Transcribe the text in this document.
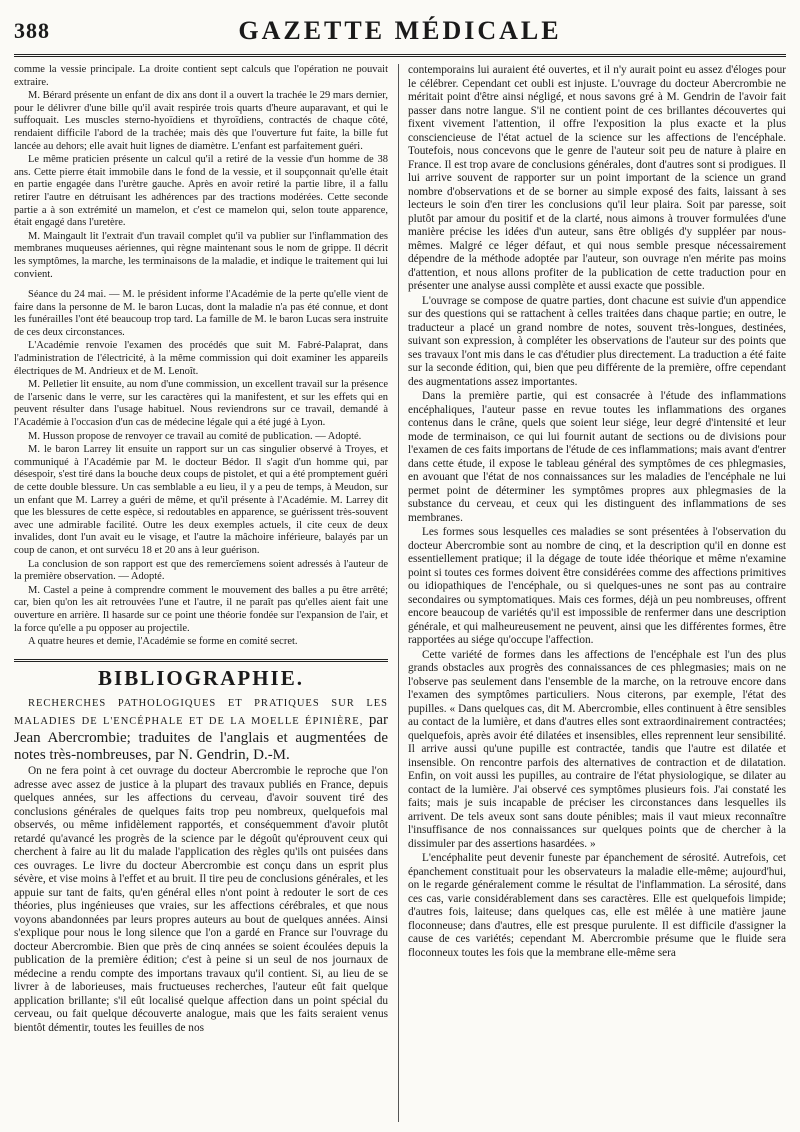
388	GAZETTE MÉDICALE

comme la vessie principale. La droite contient sept calculs que l'opération ne pouvait extraire.

M. Bérard présente un enfant de dix ans dont il a ouvert la trachée le 29 mars dernier, pour le délivrer d'une bille qu'il avait respirée trois quarts d'heure auparavant, et qui le suffoquait. Les muscles sterno-hyoïdiens et thyroïdiens, contractés de chaque côté, rendaient difficile l'abord de la trachée; mais dès que l'ouverture fut faite, la bille fut lancée au dehors; elle avait huit lignes de diamètre. L'enfant est parfaitement guéri.

Le même praticien présente un calcul qu'il a retiré de la vessie d'un homme de 38 ans. Cette pierre était immobile dans le fond de la vessie, et il soupçonnait qu'elle était en partie engagée dans l'urètre gauche. Après en avoir retiré la partie libre, il a fallu retirer l'autre en détruisant les adhérences par des tractions modérées. Cette seconde partie a à son extrémité un mamelon, et c'est ce mamelon qui, selon toute apparence, était engagé dans l'uretère.

M. Maingault lit l'extrait d'un travail complet qu'il va publier sur l'inflammation des membranes muqueuses aériennes, qui règne maintenant sous le nom de grippe. Il décrit les symptômes, la marche, les terminaisons de la maladie, et indique le traitement qui lui convient.

Séance du 24 mai. — M. le président informe l'Académie de la perte qu'elle vient de faire dans la personne de M. le baron Lucas, dont la maladie n'a pas été connue, et dont les funérailles l'ont été beaucoup trop tard. La famille de M. le baron Lucas sera instruite de ces deux circonstances.

L'Académie renvoie l'examen des procédés que suit M. Fabré-Palaprat, dans l'administration de l'électricité, à la même commission qui doit examiner les appareils électriques de M. Andrieux et de M. Lenoît.

M. Pelletier lit ensuite, au nom d'une commission, un excellent travail sur la présence de l'arsenic dans le verre, sur les caractères qui la manifestent, et sur les effets qui en peuvent résulter dans l'usage habituel. Nous reviendrons sur ce travail, demandé à l'Académie à l'occasion d'un cas de médecine légale qui a été jugé à Lyon.

M. Husson propose de renvoyer ce travail au comité de publication. — Adopté.

M. le baron Larrey lit ensuite un rapport sur un cas singulier observé à Troyes, et communiqué à l'Académie par M. le docteur Bédor. Il s'agit d'un homme qui, par désespoir, s'est tiré dans la bouche deux coups de pistolet, et qui a été promptement guéri de cette double blessure. Un cas semblable a eu lieu, il y a peu de temps, à Meudon, sur un enfant que M. Larrey a guéri de même, et qu'il présente à l'Académie. M. Larrey dit que les blessures de cette espèce, si redoutables en apparence, se guérissent très-souvent avec une admirable facilité. Outre les deux exemples actuels, il cite ceux de deux invalides, dont l'un avait eu le visage, et l'autre la mâchoire inférieure, balayés par un coup de canon, et ont survécu 18 et 20 ans à leur guérison.

La conclusion de son rapport est que des remercîemens soient adressés à l'auteur de la première observation. — Adopté.

M. Castel a peine à comprendre comment le mouvement des balles a pu être arrêté; car, bien qu'on les ait retrouvées l'une et l'autre, il ne paraît pas qu'elles aient fait une ouverture en arrière. Il hasarde sur ce point une théorie fondée sur l'expansion de l'air, et la force qu'elle a pu opposer au projectile.

A quatre heures et demie, l'Académie se forme en comité secret.

BIBLIOGRAPHIE.

RECHERCHES PATHOLOGIQUES ET PRATIQUES SUR LES MALADIES DE L'ENCÉPHALE ET DE LA MOELLE ÉPINIÈRE, par Jean Abercrombie; traduites de l'anglais et augmentées de notes très-nombreuses, par N. Gendrin, D.-M.

On ne fera point à cet ouvrage du docteur Abercrombie le reproche que l'on adresse avec assez de justice à la plupart des travaux publiés en France, depuis quelques années, sur les affections du cerveau, d'avoir souvent tiré des conclusions générales de quelques faits trop peu nombreux, quelquefois mal observés, ou même infidèlement rapportés, et conséquemment d'avoir plutôt retardé qu'avancé les progrès de la science par le dégoût qu'éprouvent ceux qui cherchent à faire au lit du malade l'application des règles qu'ils ont puisées dans ces ouvrages. Le livre du docteur Abercrombie est conçu dans un esprit plus sévère, et vise moins à l'effet et au bruit. Il tire peu de conclusions générales, et les appuie sur tant de faits, qu'en général elles n'ont point à redouter le sort de ces théories, plus ingénieuses que vraies, sur les affections cérébrales, et que nous voyons abandonnées par leurs propres auteurs au bout de quelques années. Ainsi s'explique pour nous le long silence que l'on a gardé en France sur l'ouvrage du docteur Abercrombie. Bien que près de cinq années se soient écoulées depuis la publication de la première édition; c'est à peine si un seul de nos journaux de médecine a rendu compte des importans travaux qu'il contient. Si, au lieu de se livrer à de laborieuses, mais fructueuses recherches, l'auteur eût fait quelque application brillante; s'il eût localisé quelque affection dans un point spécial du cerveau, ou fait quelque découverte analogue, mais que les faits seraient venus bientôt démentir, toutes les feuilles de nos

contemporains lui auraient été ouvertes, et il n'y aurait point eu assez d'éloges pour le célébrer. Cependant cet oubli est injuste. L'ouvrage du docteur Abercrombie ne méritait point d'être ainsi négligé, et nous savons gré à M. Gendrin de l'avoir fait passer dans notre langue. S'il ne contient point de ces brillantes découvertes qui fixent vivement l'attention, il offre l'exposition la plus exacte et la plus consciencieuse de l'état actuel de la science sur les affections de l'encéphale. Toutefois, nous concevons que le genre de l'auteur soit peu de nature à plaire en France. Il est trop avare de conclusions générales, dont d'autres sont si prodigues. Il lui arrive souvent de rapporter sur un point important de la science un grand nombre d'observations et de se borner au simple exposé des faits, laissant à ses lecteurs le soin d'en tirer les conclusions qu'il leur plaira. Soit par paresse, soit plutôt par amour du positif et de la clarté, nous aimons à trouver formulées d'une manière précise les idées d'un auteur, sans être obligés d'y suppléer par nous-mêmes. Malgré ce léger défaut, et qui nous semble presque nécessairement dépendre de la méthode adoptée par l'auteur, son ouvrage n'en mérite pas moins d'attention, et nous allons profiter de la publication de cette traduction pour en présenter une analyse aussi complète et aussi exacte que possible.

L'ouvrage se compose de quatre parties, dont chacune est suivie d'un appendice sur des questions qui se rattachent à celles traitées dans chaque partie; en outre, le traducteur a placé un grand nombre de notes, souvent très-longues, destinées, suivant son expression, à compléter les observations de l'auteur sur des points que ses travaux l'ont mis dans le cas d'étudier plus directement. La traduction a été faite sur la seconde édition, qui, bien que peu différente de la première, offre cependant des augmentations assez importantes.

Dans la première partie, qui est consacrée à l'étude des inflammations encéphaliques, l'auteur passe en revue toutes les inflammations des organes contenus dans le crâne, quels que soient leur siége, leur degré d'intensité et leur mode de terminaison, ce qui lui fournit autant de sections ou de divisions pour l'examen de ces faits importans de l'étude de ces inflammations; mais avant d'entrer dans cette étude, il expose le tableau général des symptômes de ces phlegmasies, en avouant que l'état de nos connaissances sur les maladies de l'encéphale ne lui permet point de déterminer les symptômes propres aux phlegmasies de la substance du cerveau, et ceux qui les distinguent des inflammations de ses membranes.

Les formes sous lesquelles ces maladies se sont présentées à l'observation du docteur Abercrombie sont au nombre de cinq, et la description qu'il en donne est essentiellement pratique; il la dégage de toute idée théorique et même n'examine point si toutes ces formes doivent être considérées comme des affections primitives ou idiopathiques de l'encéphale, ou si quelques-unes ne sont pas au contraire secondaires ou symptomatiques. Mais ces formes, déjà un peu nombreuses, offrent encore beaucoup de variétés qu'il est impossible de renfermer dans une description générale, et qui malheureusement ne peuvent, ainsi que les différentes formes, être rapportées au siége qu'occupe l'affection.

Cette variété de formes dans les affections de l'encéphale est l'un des plus grands obstacles aux progrès des connaissances de ces phlegmasies; mais on ne l'observe pas seulement dans l'ensemble de la marche, on la retrouve encore dans l'examen des symptômes particuliers. Nous citerons, par exemple, l'état des pupilles. « Dans quelques cas, dit M. Abercrombie, elles continuent à être sensibles au contact de la lumière, et dans d'autres elles sont extraordinairement contractées; quelquefois, après avoir été dilatées et insensibles, elles reprennent leur sensibilité. Il arrive aussi qu'une pupille est contractée, tandis que l'autre est dilatée et insensible. On rencontre parfois des alternatives de contraction et de dilatation. Enfin, on voit aussi les pupilles, au contraire de l'état physiologique, se dilater au contact de la lumière. J'ai observé ces symptômes plusieurs fois. J'ai constaté les faits; mais je suis incapable de préciser les circonstances dans lesquelles ils arrivent. De tels aveux sont sans doute pénibles; mais il vaut mieux reconnaître l'insuffisance de nos connaissances sur quelques points que de chercher à la dissimuler par des assertions hasardées. »

L'encéphalite peut devenir funeste par épanchement de sérosité. Autrefois, cet épanchement constituait pour les observateurs la maladie elle-même; aujourd'hui, on le regarde généralement comme le résultat de l'inflammation. La sérosité, dans ces cas, varie considérablement dans ses caractères. Elle est quelquefois limpide; d'autres fois, laiteuse; dans quelques cas, elle est mêlée à une matière jaune floconneuse; dans d'autres, elle est presque purulente. Il est difficile d'assigner la cause de ces variétés; cependant M. Abercrombie présume que le fluide sera floconneux toutes les fois que la membrane elle-même sera
